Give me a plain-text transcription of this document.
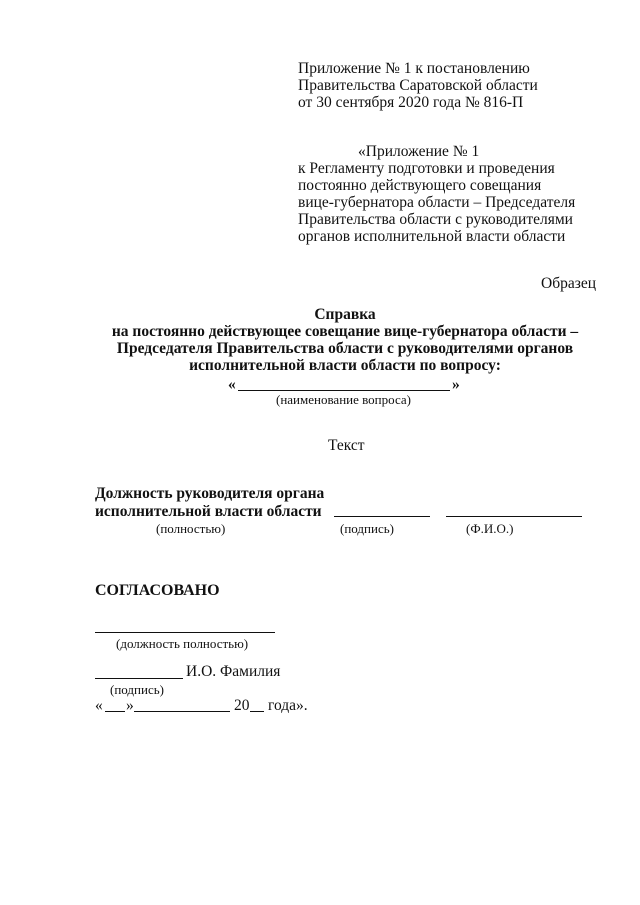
Приложение № 1 к постановлению
Правительства Саратовской области
от 30 сентября 2020 года № 816-П
«Приложение № 1
к Регламенту подготовки и проведения
постоянно действующего совещания
вице-губернатора области – Председателя
Правительства области с руководителями
органов исполнительной власти области
Образец
Справка
на постоянно действующее совещание вице-губернатора области –
Председателя Правительства области с руководителями органов
исполнительной власти области по вопросу:
«	»
(наименование вопроса)
Текст
Должность руководителя органа
исполнительной власти области
(полностью)	(подпись)	(Ф.И.О.)
СОГЛАСОВАНО
(должность полностью)
И.О. Фамилия
(подпись)
« »	20 года».
